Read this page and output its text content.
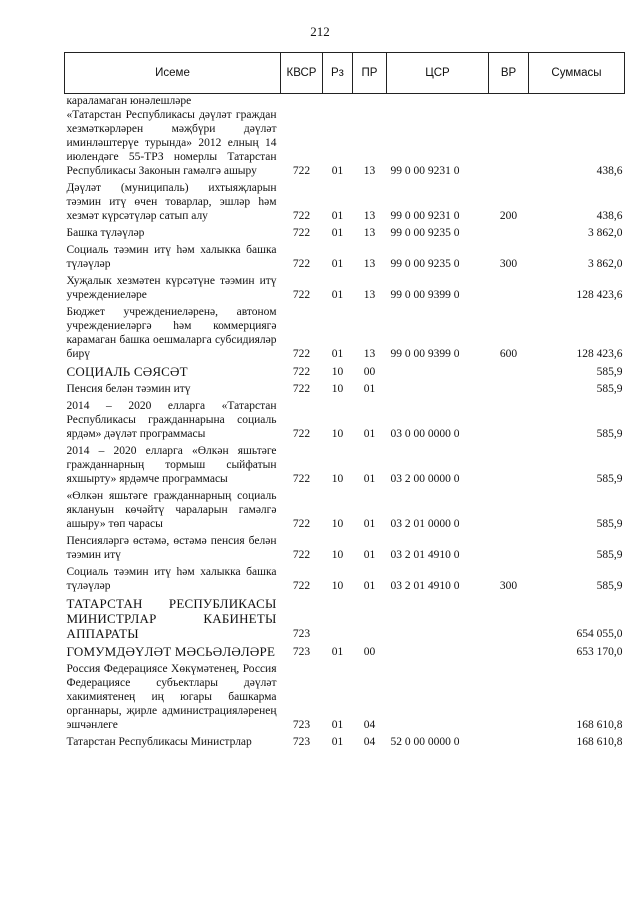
212
Исеме	КВСР	Рз	ПР	ЦСР	ВР	Суммасы
караламаган юнәлешләре						
«Татарстан Республикасы дәүләт граждан хезмәткәрләрен мәҗбүри дәүләт иминләштерүе турында» 2012 елның 14 июлендәге 55-ТРЗ номерлы Татарстан Республикасы Законын гамәлгә ашыру	722	01	13	99 0 00 9231 0		438,6
Дәүләт (муниципаль) ихтыяҗларын тәэмин итү өчен товарлар, эшләр һәм хезмәт күрсәтүләр сатып алу	722	01	13	99 0 00 9231 0	200	438,6
Башка түләүләр	722	01	13	99 0 00 9235 0		3 862,0
Социаль тәэмин итү һәм халыкка башка түләүләр	722	01	13	99 0 00 9235 0	300	3 862,0
Хуҗалык хезмәтен күрсәтүне тәэмин итү учреждениеләре	722	01	13	99 0 00 9399 0		128 423,6
Бюджет учреждениеләренә, автоном учреждениеләргә һәм коммерциягә карамаган башка оешмаларга субсидияләр бирү	722	01	13	99 0 00 9399 0	600	128 423,6
СОЦИАЛЬ СӘЯСӘТ	722	10	00			585,9
Пенсия белән тәэмин итү	722	10	01			585,9
2014 – 2020 елларга «Татарстан Республикасы гражданнарына социаль ярдәм» дәүләт программасы	722	10	01	03 0 00 0000 0		585,9
2014 – 2020 елларга «Өлкән яшьтәге гражданнарның тормыш сыйфатын яхшырту» ярдәмче программасы	722	10	01	03 2 00 0000 0		585,9
«Өлкән яшьтәге гражданнарның социаль яклануын көчәйтү чараларын гамәлгә ашыру» төп чарасы	722	10	01	03 2 01 0000 0		585,9
Пенсияләргә өстәмә, өстәмә пенсия белән тәэмин итү	722	10	01	03 2 01 4910 0		585,9
Социаль тәэмин итү һәм халыкка башка түләүләр	722	10	01	03 2 01 4910 0	300	585,9
ТАТАРСТАН РЕСПУБЛИКАСЫ МИНИСТРЛАР КАБИНЕТЫ АППАРАТЫ	723					654 055,0
ГОМУМДӘҮЛӘТ МӘСЬӘЛӘЛӘРЕ	723	01	00			653 170,0
Россия Федерациясе Хөкүмәтенең, Россия Федерациясе субъектлары дәүләт хакимиятенең иң югары башкарма органнары, җирле администрацияләренең эшчәнлеге	723	01	04			168 610,8
Татарстан Республикасы Министрлар	723	01	04	52 0 00 0000 0		168 610,8
